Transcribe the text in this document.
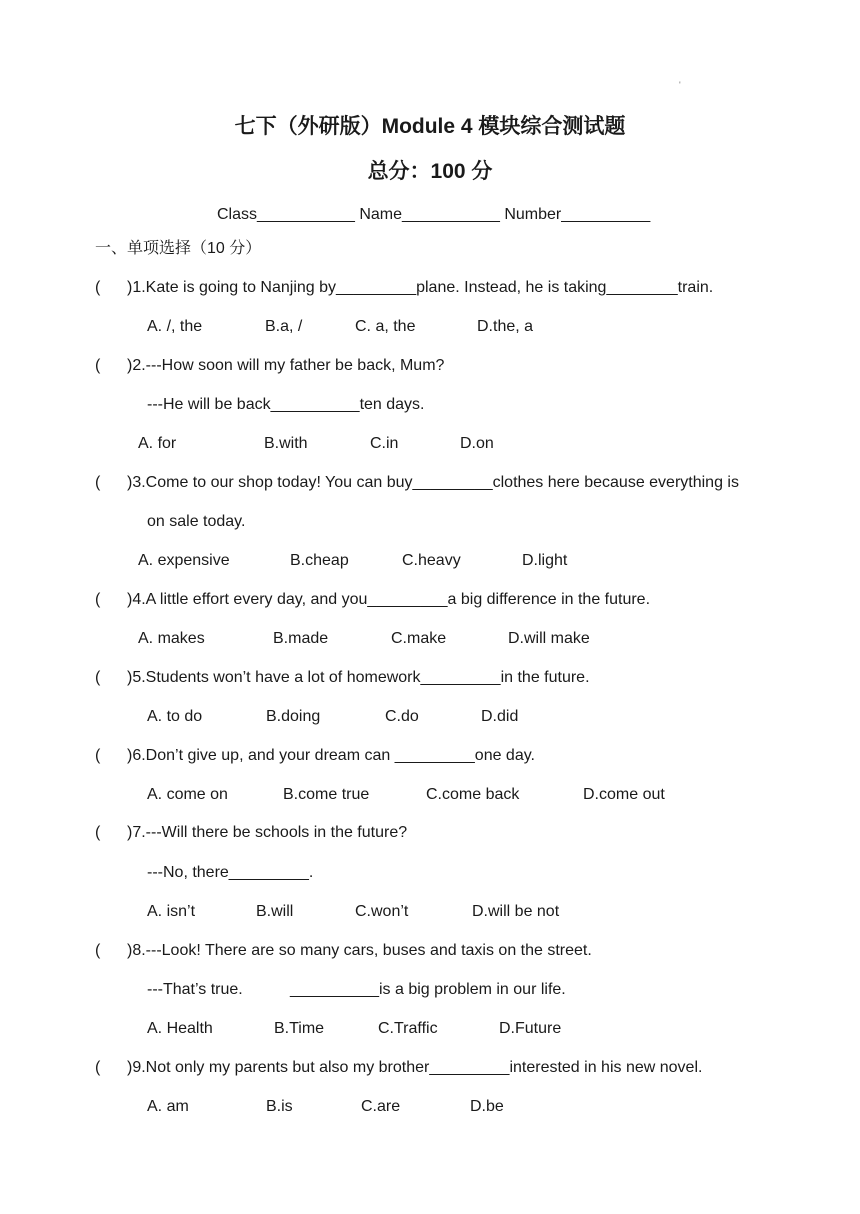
'
七下（外研版）Module 4 模块综合测试题
总分：100 分
Class___________ Name___________ Number__________
一、单项选择（10 分）
( )1.Kate is going to Nanjing by_________plane. Instead, he is taking________train.
A. /, the	B.a, /	C. a, the	D.the, a
( )2.---How soon will my father be back, Mum?
---He will be back__________ten days.
A. for	B.with	C.in	D.on
( )3.Come to our shop today! You can buy_________clothes here because everything is
on sale today.
A. expensive	B.cheap	C.heavy	D.light
( )4.A little effort every day, and you_________a big difference in the future.
A. makes	B.made	C.make	D.will make
( )5.Students won’t have a lot of homework_________in the future.
A. to do	B.doing	C.do	D.did
( )6.Don’t give up, and your dream can _________one day.
A. come on	B.come true	C.come back	D.come out
( )7.---Will there be schools in the future?
---No, there_________.
A. isn’t	B.will	C.won’t	D.will be not
( )8.---Look! There are so many cars, buses and taxis on the street.
---That’s true.	__________is a big problem in our life.
A. Health	B.Time	C.Traffic	D.Future
( )9.Not only my parents but also my brother_________interested in his new novel.
A. am	B.is	C.are	D.be
